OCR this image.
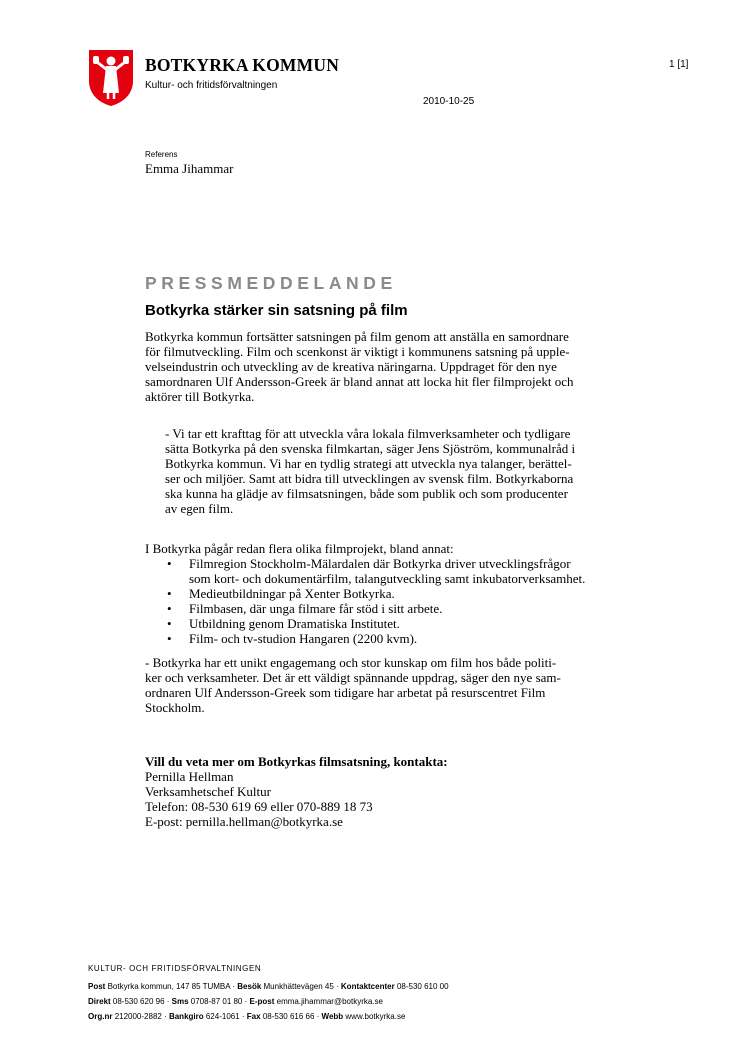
BOTKYRKA KOMMUN
Kultur- och fritidsförvaltningen
1 [1]
2010-10-25
Referens
Emma Jihammar
PRESSMEDDELANDE
Botkyrka stärker sin satsning på film
Botkyrka kommun fortsätter satsningen på film genom att anställa en samordnare
för filmutveckling. Film och scenkonst är viktigt i kommunens satsning på upple-
velseindustrin och utveckling av de kreativa näringarna. Uppdraget för den nye
samordnaren Ulf Andersson-Greek är bland annat att locka hit fler filmprojekt och
aktörer till Botkyrka.
- Vi tar ett krafttag för att utveckla våra lokala filmverksamheter och tydligare
sätta Botkyrka på den svenska filmkartan, säger Jens Sjöström, kommunalråd i
Botkyrka kommun. Vi har en tydlig strategi att utveckla nya talanger, berättel-
ser och miljöer. Samt att bidra till utvecklingen av svensk film. Botkyrkaborna
ska kunna ha glädje av filmsatsningen, både som publik och som producenter
av egen film.
I Botkyrka pågår redan flera olika filmprojekt, bland annat:
• Filmregion Stockholm-Mälardalen där Botkyrka driver utvecklingsfrågor
som kort- och dokumentärfilm, talangutveckling samt inkubatorverksamhet.
• Medieutbildningar på Xenter Botkyrka.
• Filmbasen, där unga filmare får stöd i sitt arbete.
• Utbildning genom Dramatiska Institutet.
• Film- och tv-studion Hangaren (2200 kvm).
- Botkyrka har ett unikt engagemang och stor kunskap om film hos både politi-
ker och verksamheter. Det är ett väldigt spännande uppdrag, säger den nye sam-
ordnaren Ulf Andersson-Greek som tidigare har arbetat på resurscentret Film
Stockholm.
Vill du veta mer om Botkyrkas filmsatsning, kontakta:
Pernilla Hellman
Verksamhetschef Kultur
Telefon: 08-530 619 69 eller 070-889 18 73
E-post: pernilla.hellman@botkyrka.se
KULTUR- OCH FRITIDSFÖRVALTNINGEN
Post Botkyrka kommun, 147 85 TUMBA · Besök Munkhättevägen 45 · Kontaktcenter 08-530 610 00
Direkt 08-530 620 96 · Sms 0708-87 01 80 · E-post emma.jihammar@botkyrka.se
Org.nr 212000-2882 · Bankgiro 624-1061 · Fax 08-530 616 66 · Webb www.botkyrka.se
